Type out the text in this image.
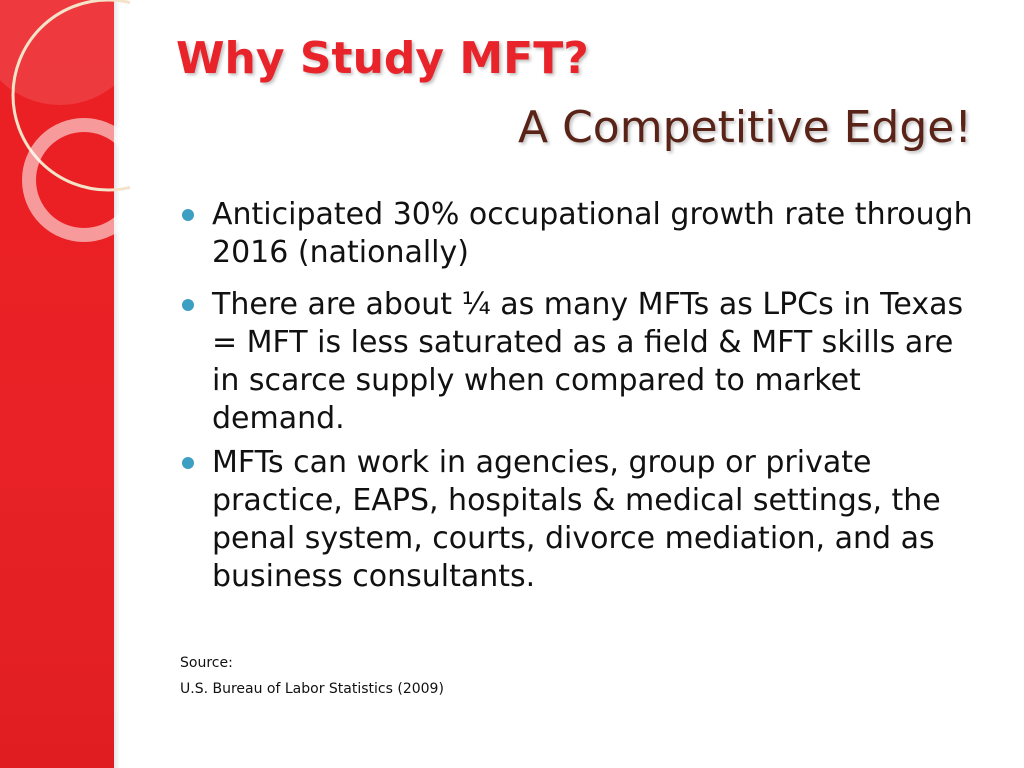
Why Study MFT?
A Competitive Edge!
Anticipated 30% occupational growth rate through 2016 (nationally)
There are about ¼ as many MFTs as LPCs in Texas = MFT is less saturated as a field & MFT skills are in scarce supply when compared to market demand.
MFTs can work in agencies, group or private practice, EAPS, hospitals & medical settings, the penal system, courts, divorce mediation, and as business consultants.
Source:
U.S. Bureau of Labor Statistics (2009)
